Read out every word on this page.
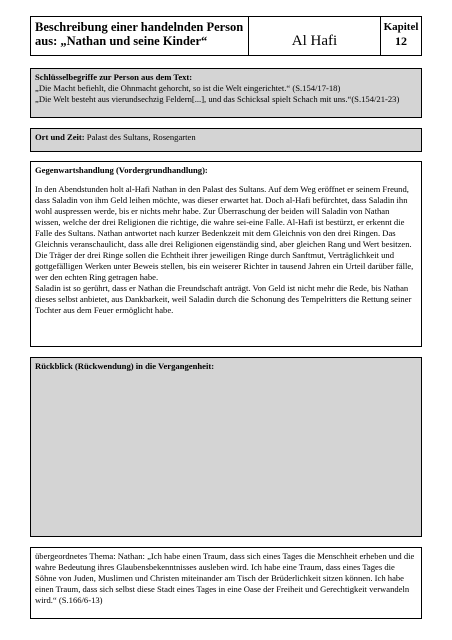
Beschreibung einer handelnden Person
aus: „Nathan und seine Kinder“	Al Hafi
Kapitel
12
Schlüsselbegriffe zur Person aus dem Text:
„Die Macht befiehlt, die Ohnmacht gehorcht, so ist die Welt eingerichtet.“ (S.154/17-18)
„Die Welt besteht aus vierundsechzig Feldern[...], und das Schicksal spielt Schach mit uns.“(S.154/21-23)
Ort und Zeit: Palast des Sultans, Rosengarten
Gegenwartshandlung (Vordergrundhandlung):
In den Abendstunden holt al-Hafi Nathan in den Palast des Sultans. Auf dem Weg eröffnet er seinem Freund, dass Saladin von ihm Geld leihen möchte, was dieser erwartet hat. Doch al-Hafi befürchtet, dass Saladin ihn wohl auspressen werde, bis er nichts mehr habe. Zur Überraschung der beiden will Saladin von Nathan wissen, welche der drei Religionen die richtige, die wahre sei-eine Falle. Al-Hafi ist bestürzt, er erkennt die Falle des Sultans. Nathan antwortet nach kurzer Bedenkzeit mit dem Gleichnis von den drei Ringen. Das Gleichnis veranschaulicht, dass alle drei Religionen eigenständig sind, aber gleichen Rang und Wert besitzen. Die Träger der drei Ringe sollen die Echtheit ihrer jeweiligen Ringe durch Sanftmut, Verträglichkeit und gottgefälligen Werken unter Beweis stellen, bis ein weiserer Richter in tausend Jahren ein Urteil darüber fälle, wer den echten Ring getragen habe.
Saladin ist so gerührt, dass er Nathan die Freundschaft anträgt. Von Geld ist nicht mehr die Rede, bis Nathan dieses selbst anbietet, aus Dankbarkeit, weil Saladin durch die Schonung des Tempelritters die Rettung seiner Tochter aus dem Feuer ermöglicht habe.
Rückblick (Rückwendung) in die Vergangenheit:
übergeordnetes Thema: Nathan: „Ich habe einen Traum, dass sich eines Tages die Menschheit erheben und die wahre Bedeutung ihres Glaubensbekenntnisses ausleben wird. Ich habe eine Traum, dass eines Tages die Söhne von Juden, Muslimen und Christen miteinander am Tisch der Brüderlichkeit sitzen können. Ich habe einen Traum, dass sich selbst diese Stadt eines Tages in eine Oase der Freiheit und Gerechtigkeit verwandeln wird.“ (S.166/6-13)
